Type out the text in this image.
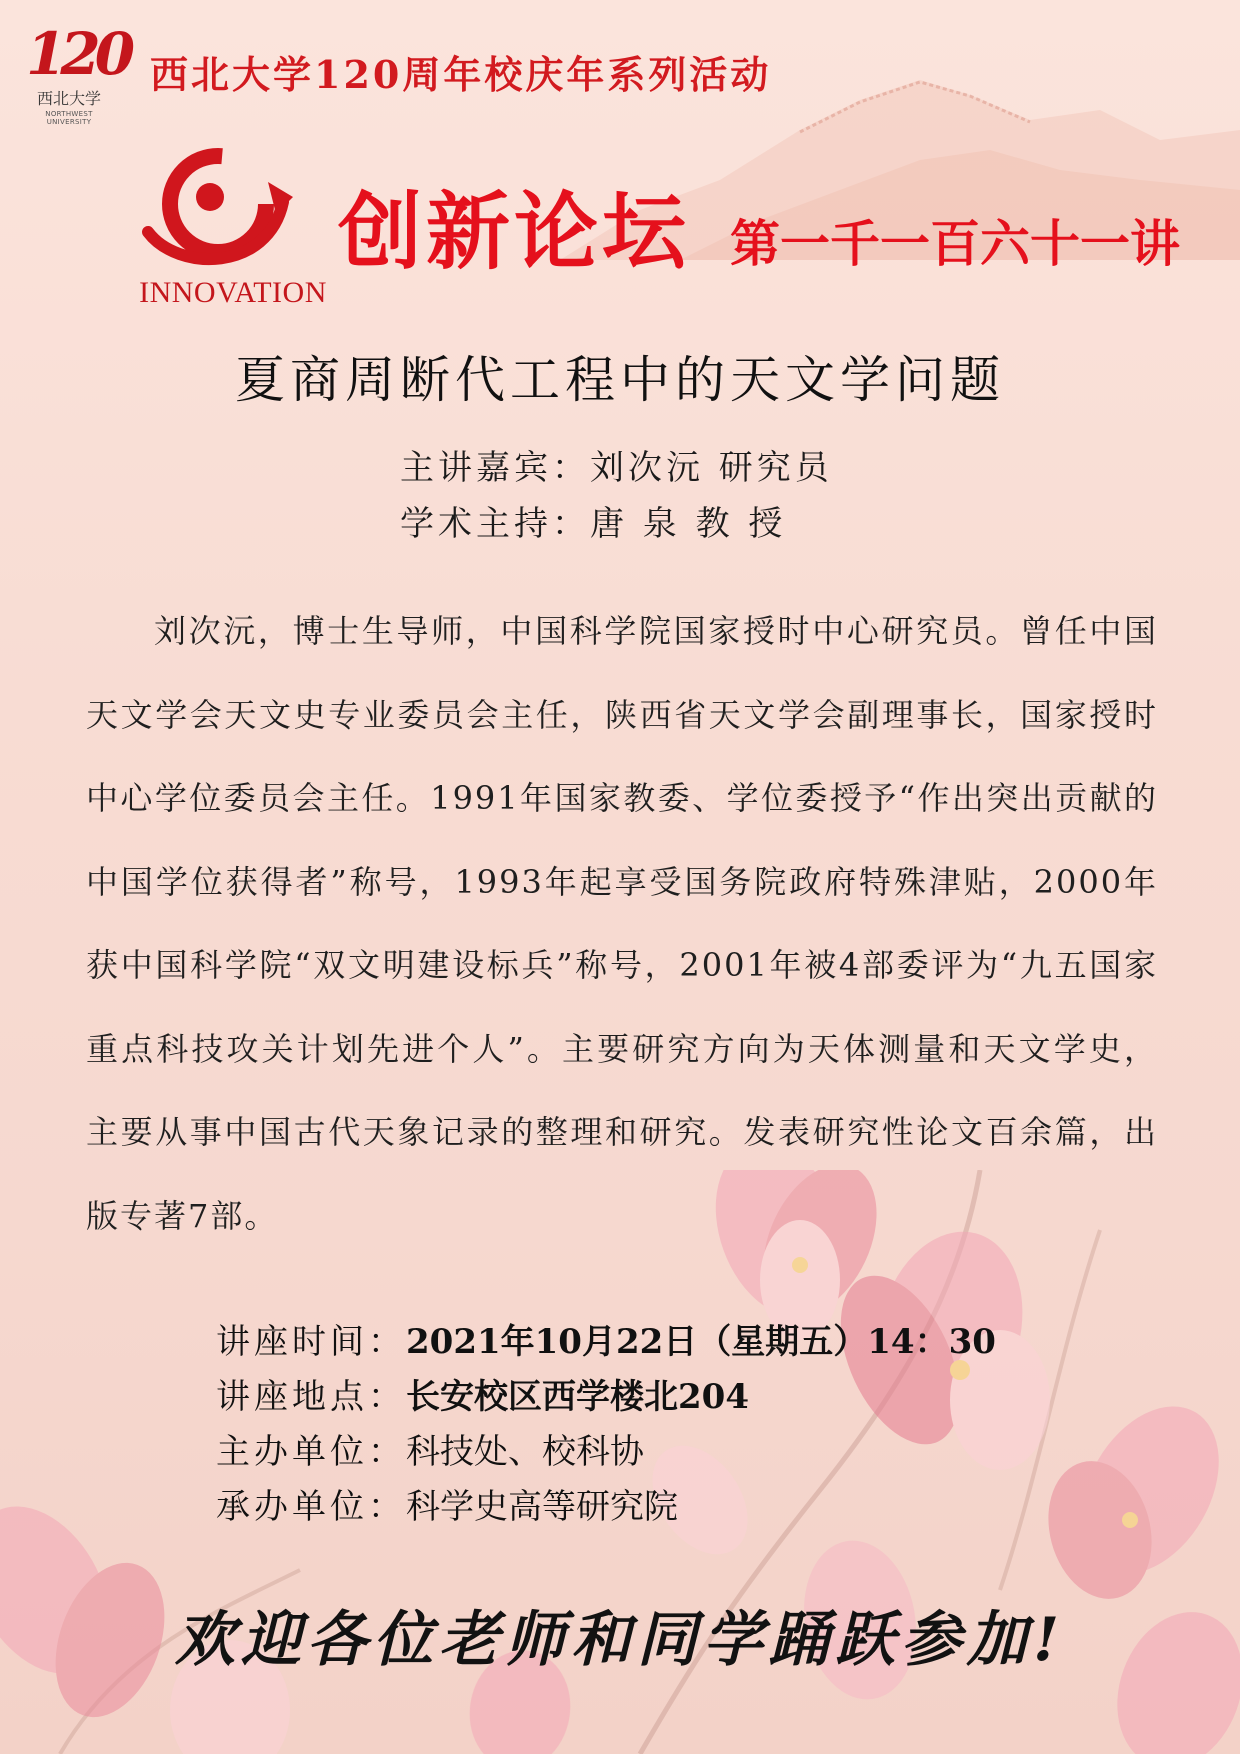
120
西北大学
NORTHWEST UNIVERSITY
西北大学120周年校庆年系列活动
INNOVATION
创新论坛 第一千一百六十一讲
夏商周断代工程中的天文学问题
主讲嘉宾：刘次沅 研究员
学术主持：唐 泉 教 授

刘次沅，博士生导师，中国科学院国家授时中心研究员。曾任中国天文学会天文史专业委员会主任，陕西省天文学会副理事长，国家授时中心学位委员会主任。1991年国家教委、学位委授予“作出突出贡献的中国学位获得者”称号，1993年起享受国务院政府特殊津贴，2000年获中国科学院“双文明建设标兵”称号，2001年被4部委评为“九五国家重点科技攻关计划先进个人”。主要研究方向为天体测量和天文学史，主要从事中国古代天象记录的整理和研究。发表研究性论文百余篇，出版专著7部。

讲座时间：2021年10月22日（星期五）14：30
讲座地点：长安校区西学楼北204
主办单位：科技处、校科协
承办单位：科学史高等研究院
欢迎各位老师和同学踊跃参加!
